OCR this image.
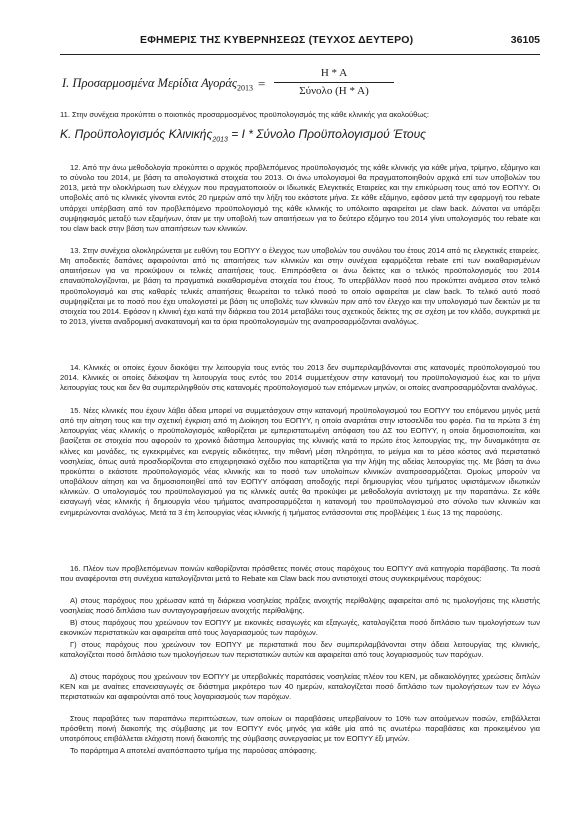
ΕΦΗΜΕΡΙΣ ΤΗΣ ΚΥΒΕΡΝΗΣΕΩΣ (ΤΕΥΧΟΣ ΔΕΥΤΕΡΟ)	36105
Ι. Προσαρμοσμένα Μερίδια Αγοράς$_{2013}$ =
Η * Α
Σύνολο (Η * Α)

11. Στην συνέχεια προκύπτει ο ποιοτικός προσαρμοσμένος προϋπολογισμός της κάθε κλινικής για ακολούθως:

Κ. Προϋπολογισμός Κλινικής$_{2013}$ = Ι * Σύνολο Προϋπολογισμού Έτους

12. Από την άνω μεθοδολογία προκύπτει ο αρχικός προβλεπόμενος προϋπολογισμός της κάθε κλινικής για κάθε μήνα, τρίμηνο, εξάμηνο και το σύνολο του 2014, με βάση τα απολογιστικά στοιχεία του 2013. Οι άνω υπολογισμοί θα πραγματοποιηθούν αρχικά επί των υποβολών του 2013, μετά την ολοκλήρωση των ελέγχων που πραγματοποιούν οι Ιδιωτικές Ελεγκτικές Εταιρείες και την επικύρωση τους από τον ΕΟΠΥΥ. Οι υποβολές από τις κλινικές γίνονται εντός 20 ημερών από την λήξη του εκάστοτε μήνα. Σε κάθε εξάμηνο, εφόσον μετά την εφαρμογή του rebate υπάρχει υπέρβαση από τον προβλεπόμενο προϋπολογισμό της κάθε κλινικής το υπόλοιπο αφαιρείται με claw back. Δύναται να υπάρξει συμψηφισμός μεταξύ των εξαμήνων, όταν με την υποβολή των απαιτήσεων για το δεύτερο εξάμηνο του 2014 γίνει υπολογισμός του rebate και του claw back στην βάση των απαιτήσεων των κλινικών.

13. Στην συνέχεια ολοκληρώνεται με ευθύνη του ΕΟΠΥΥ ο έλεγχος των υποβολών του συνόλου του έτους 2014 από τις ελεγκτικές εταιρείες. Μη αποδεκτές δαπάνες αφαιρούνται από τις απαιτήσεις των κλινικών και στην συνέχεια εφαρμόζεται rebate επί των εκκαθαρισμένων απαιτήσεων για να προκύψουν οι τελικές απαιτήσεις τους. Επιπρόσθετα οι άνω δείκτες και ο τελικός προϋπολογισμός του 2014 επαναϋπολογίζονται, με βάση τα πραγματικά εκκαθαρισμένα στοιχεία του έτους. Το υπερβάλλον ποσό που προκύπτει ανάμεσα στον τελικό προϋπολογισμό και στις καθαρές τελικές απαιτήσεις θεωρείται το τελικό ποσό το οποίο αφαιρείται με claw back. Το τελικό αυτό ποσό συμψηφίζεται με το ποσό που έχει υπολογιστεί με βάση τις υποβολές των κλινικών πριν από τον έλεγχο και την υπολογισμό των δεικτών με τα στοιχεία του 2014. Εφόσον η κλινική έχει κατά την διάρκεια του 2014 μεταβάλει τους σχετικούς δείκτες της σε σχέση με τον κλάδο, συγκριτικά με το 2013, γίνεται αναδρομική ανακατανομή και τα όρια προϋπολογισμών της αναπροσαρμόζονται αναλόγως.

14. Κλινικές οι οποίες έχουν διακόψει την λειτουργία τους εντός του 2013 δεν συμπεριλαμβάνονται στις κατανομές προϋπολογισμού του 2014. Κλινικές οι οποίες διέκοψαν τη λειτουργία τους εντός του 2014 συμμετέχουν στην κατανομή του προϋπολογισμού έως και το μήνα λειτουργίας τους και δεν θα συμπεριληφθούν στις κατανομές προϋπολογισμού των επόμενων μηνών, οι οποίες αναπροσαρμόζονται αναλόγως.

15. Νέες κλινικές που έχουν λάβει άδεια μπορεί να συμμετάσχουν στην κατανομή προϋπολογισμού του ΕΟΠΥΥ του επόμενου μηνός μετά από την αίτηση τους και την σχετική έγκριση από τη Διοίκηση του ΕΟΠΥΥ, η οποία αναρτάται στην ιστοσελίδα του φορέα. Για τα πρώτα 3 έτη λειτουργίας νέας κλινικής ο προϋπολογισμός καθορίζεται με εμπεριστατωμένη απόφαση του ΔΣ του ΕΟΠΥΥ, η οποία δημοσιοποιείται, και βασίζεται σε στοιχεία που αφορούν το χρονικό διάστημα λειτουργίας της κλινικής κατά το πρώτο έτος λειτουργίας της, την δυναμικότητα σε κλίνες και μονάδες, τις εγκεκριμένες και ενεργείς ειδικότητες, την πιθανή μέση πληρότητα, το μείγμα και το μέσο κόστος ανά περιστατικό νοσηλείας, όπως αυτά προσδιορίζονται στο επιχειρησιακό σχέδιο που καταρτίζεται για την λήψη της αδείας λειτουργίας της. Με βάση τα άνω προκύπτει ο εκάστοτε προϋπολογισμός νέας κλινικής και το ποσό των υπολοίπων κλινικών αναπροσαρμόζεται. Ομοίως μπορούν να υποβάλουν αίτηση και να δημοσιοποιηθεί από τον ΕΟΠΥΥ απόφαση αποδοχής περί δημιουργίας νέου τμήματος υφιστάμενων ιδιωτικών κλινικών. Ο υπολογισμός του προϋπολογισμού για τις κλινικές αυτές θα προκύψει με μεθοδολογία αντίστοιχη με την παραπάνω. Σε κάθε εισαγωγή νέας κλινικής ή δημιουργία νέου τμήματος αναπροσαρμόζεται η κατανομή του προϋπολογισμού στο σύνολο των κλινικών και ενημερώνονται αναλόγως. Μετά τα 3 έτη λειτουργίας νέας κλινικής ή τμήματος εντάσσονται στις προβλέψεις 1 έως 13 της παρούσης.

16. Πλέον των προβλεπόμενων ποινών καθορίζονται πρόσθετες ποινές στους παρόχους του ΕΟΠΥΥ ανά κατηγορία παράβασης. Τα ποσά που αναφέρονται στη συνέχεια καταλογίζονται μετά το Rebate και Claw back που αντιστοιχεί στους συγκεκριμένους παρόχους:

Α) στους παρόχους που χρέωσαν κατά τη διάρκεια νοσηλείας πράξεις ανοιχτής περίθαλψης αφαιρείται από τις τιμολογήσεις της κλειστής νοσηλείας ποσό διπλάσιο των συνταγογραφήσεων ανοιχτής περίθαλψης.

Β) στους παρόχους που χρεώνουν τον ΕΟΠΥΥ με εικονικές εισαγωγές και εξαγωγές, καταλογίζεται ποσό διπλάσιο των τιμολογήσεων των εικονικών περιστατικών και αφαιρείται από τους λογαριασμούς των παρόχων.

Γ) στους παρόχους που χρεώνουν τον ΕΟΠΥΥ με περιστατικά που δεν συμπεριλαμβάνονται στην άδεια λειτουργίας της κλινικής, καταλογίζεται ποσό διπλάσιο των τιμολογήσεων των περιστατικών αυτών και αφαιρείται από τους λογαριασμούς των παρόχων.

Δ) στους παρόχους που χρεώνουν τον ΕΟΠΥΥ με υπερβολικές παρατάσεις νοσηλείας πλέον του ΚΕΝ, με αδικαιολόγητες χρεώσεις διπλών ΚΕΝ και με αναίτιες επανεισαγωγές σε διάστημα μικρότερο των 40 ημερών, καταλογίζεται ποσό διπλάσιο των τιμολογήσεων των εν λόγω περιστατικών και αφαιρούνται από τους λογαριασμούς των παρόχων.

Στους παραβάτες των παραπάνω περιπτώσεων, των οποίων οι παραβάσεις υπερβαίνουν το 10% των αιτούμενων ποσών, επιβάλλεται πρόσθετη ποινή διακοπής της σύμβασης με τον ΕΟΠΥΥ ενός μηνός για κάθε μία από τις ανωτέρω παραβάσεις και προκειμένου για υποτρόπους επιβάλλεται ελάχιστη ποινή διακοπής της σύμβασης συνεργασίας με τον ΕΟΠΥΥ έξι μηνών.

Το παράρτημα Α αποτελεί αναπόσπαστο τμήμα της παρούσας απόφασης.
